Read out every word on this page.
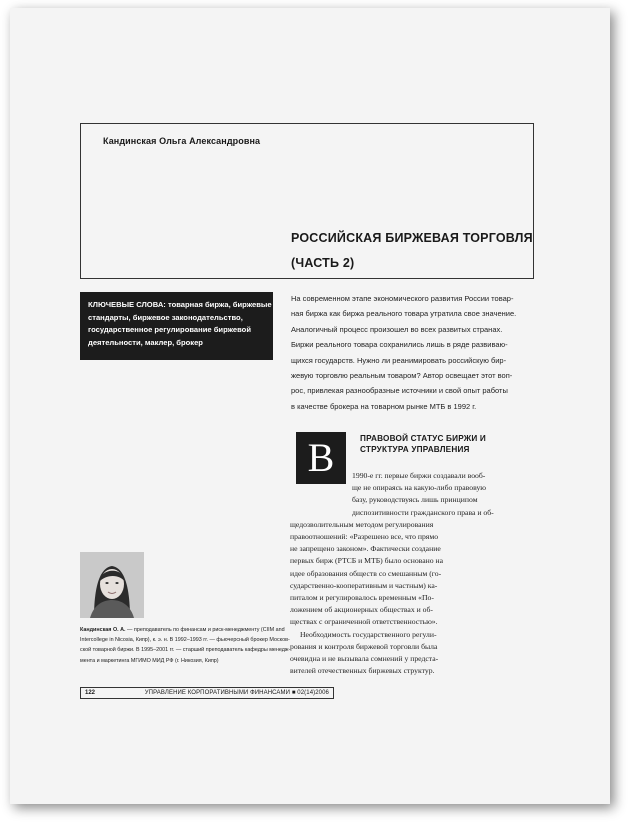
Кандинская Ольга Александровна
РОССИЙСКАЯ БИРЖЕВАЯ ТОРГОВЛЯ
(ЧАСТЬ 2)
КЛЮЧЕВЫЕ СЛОВА: товарная биржа, биржевые
стандарты, биржевое законодательство,
государственное регулирование биржевой
деятельности, маклер, брокер
На современном этапе экономического развития России товар-
ная биржа как биржа реального товара утратила свое значение.
Аналогичный процесс произошел во всех развитых странах.
Биржи реального товара сохранились лишь в ряде развиваю-
щихся государств. Нужно ли реанимировать российскую бир-
жевую торговлю реальным товаром? Автор освещает этот воп-
рос, привлекая разнообразные источники и свой опыт работы
в качестве брокера на товарном рынке МТБ в 1992 г.
В	ПРАВОВОЙ СТАТУС БИРЖИ И
СТРУКТУРА УПРАВЛЕНИЯ
1990-е гг. первые биржи создавали вооб-
ще не опираясь на какую-либо правовую
базу, руководствуясь лишь принципом
диспозитивности гражданского права и об-
щедозволительным методом регулирования
правоотношений: «Разрешено все, что прямо
не запрещено законом». Фактически создание
первых бирж (РТСБ и МТБ) было основано на
идее образования обществ со смешанным (го-
сударственно-кооперативным и частным) ка-
питалом и регулировалось временным «По-
ложением об акционерных обществах и об-
ществах с ограниченной ответственностью».
Необходимость государственного регули-
рования и контроля биржевой торговли была
очевидна и не вызывала сомнений у предста-
вителей отечественных биржевых структур.
Кандинская О. А. — преподаватель по финансам и риск-менеджменту (CIIM and
Intercollege in Nicosia, Кипр), к. э. н. В 1992–1993 гг. — фьючерсный брокер Москов-
ской товарной биржи. В 1995–2001 гг. — старший преподаватель кафедры менедж-
мента и маркетинга МГИМО МИД РФ (г. Никозия, Кипр)
122	УПРАВЛЕНИЕ КОРПОРАТИВНЫМИ ФИНАНСАМИ ■ 02(14)2006
